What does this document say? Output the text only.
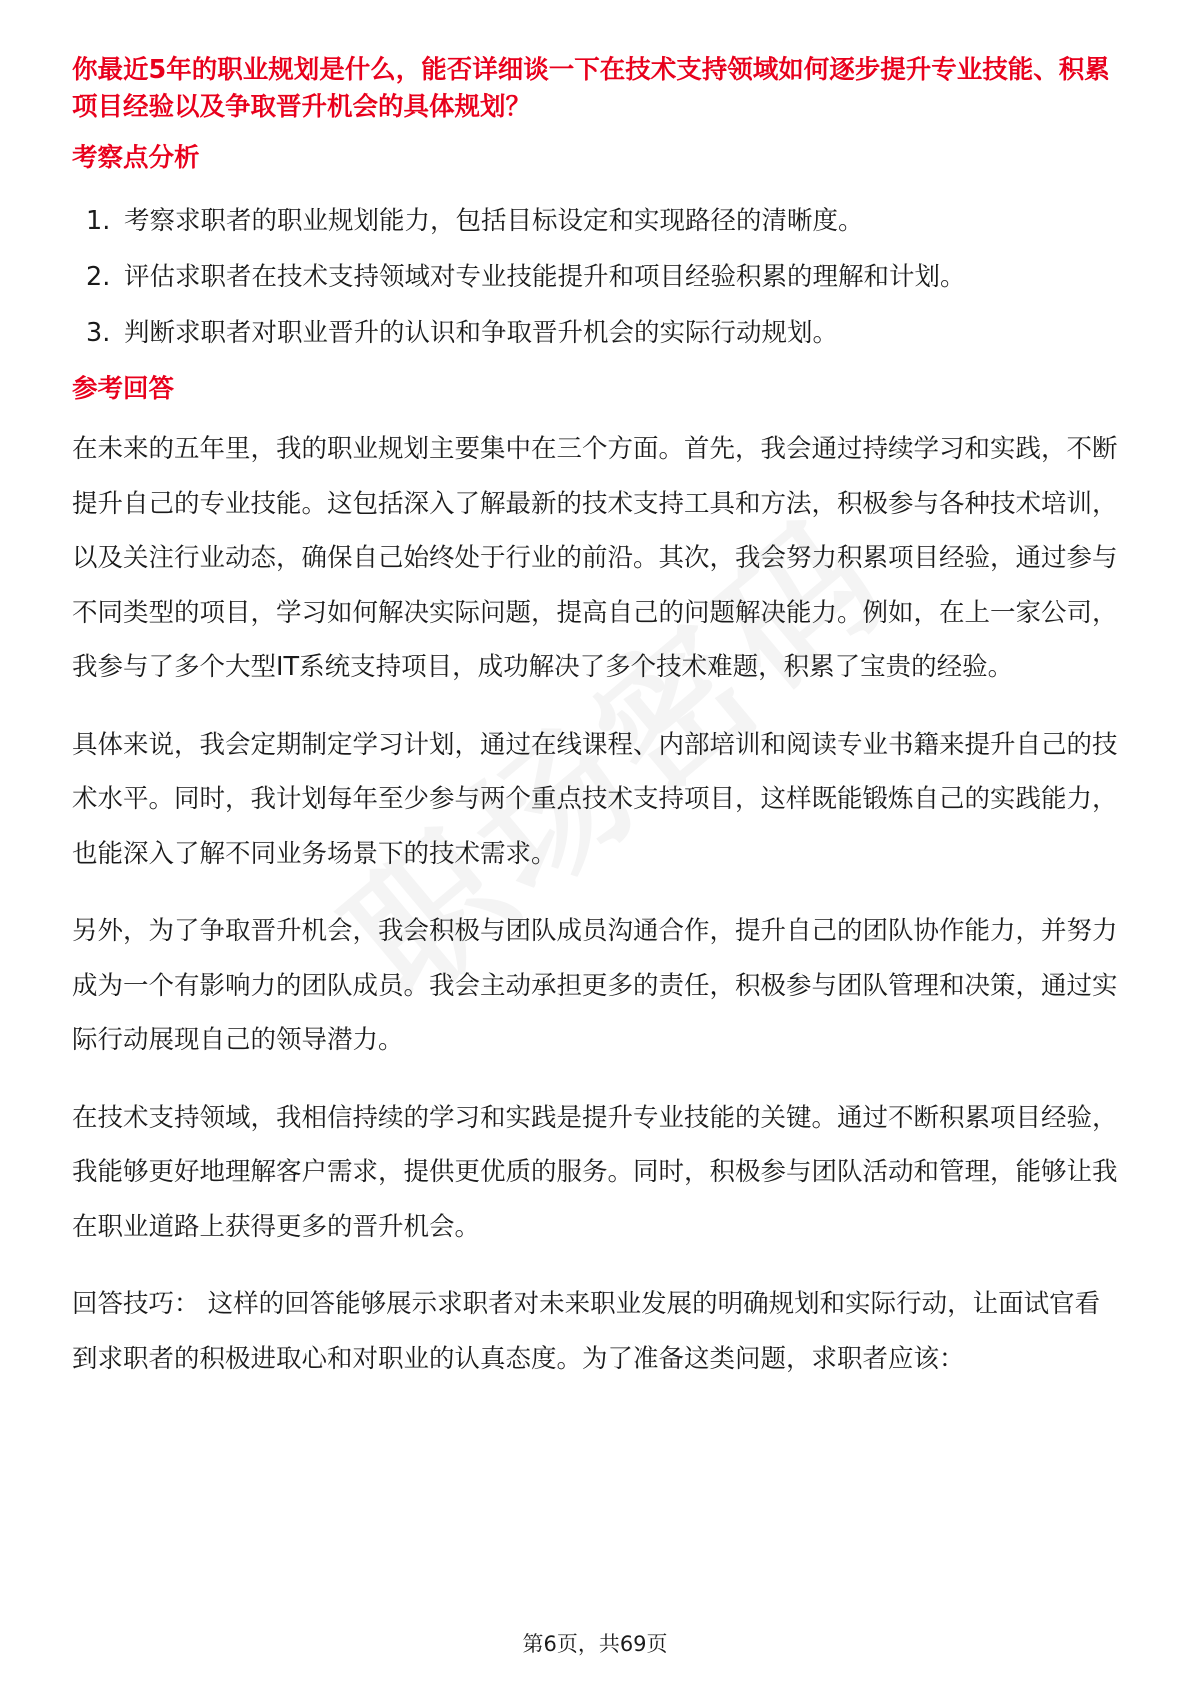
你最近5年的职业规划是什么，能否详细谈一下在技术支持领域如何逐步提升专业技能、积累项目经验以及争取晋升机会的具体规划？

考察点分析
1. 考察求职者的职业规划能力，包括目标设定和实现路径的清晰度。
2. 评估求职者在技术支持领域对专业技能提升和项目经验积累的理解和计划。
3. 判断求职者对职业晋升的认识和争取晋升机会的实际行动规划。
参考回答

在未来的五年里，我的职业规划主要集中在三个方面。首先，我会通过持续学习和实践，不断提升自己的专业技能。这包括深入了解最新的技术支持工具和方法，积极参与各种技术培训，以及关注行业动态，确保自己始终处于行业的前沿。其次，我会努力积累项目经验，通过参与不同类型的项目，学习如何解决实际问题，提高自己的问题解决能力。例如，在上一家公司，我参与了多个大型IT系统支持项目，成功解决了多个技术难题，积累了宝贵的经验。

具体来说，我会定期制定学习计划，通过在线课程、内部培训和阅读专业书籍来提升自己的技术水平。同时，我计划每年至少参与两个重点技术支持项目，这样既能锻炼自己的实践能力，也能深入了解不同业务场景下的技术需求。

另外，为了争取晋升机会，我会积极与团队成员沟通合作，提升自己的团队协作能力，并努力成为一个有影响力的团队成员。我会主动承担更多的责任，积极参与团队管理和决策，通过实际行动展现自己的领导潜力。

在技术支持领域，我相信持续的学习和实践是提升专业技能的关键。通过不断积累项目经验，我能够更好地理解客户需求，提供更优质的服务。同时，积极参与团队活动和管理，能够让我在职业道路上获得更多的晋升机会。

回答技巧： 这样的回答能够展示求职者对未来职业发展的明确规划和实际行动，让面试官看到求职者的积极进取心和对职业的认真态度。为了准备这类问题，求职者应该：

第6页，共69页
